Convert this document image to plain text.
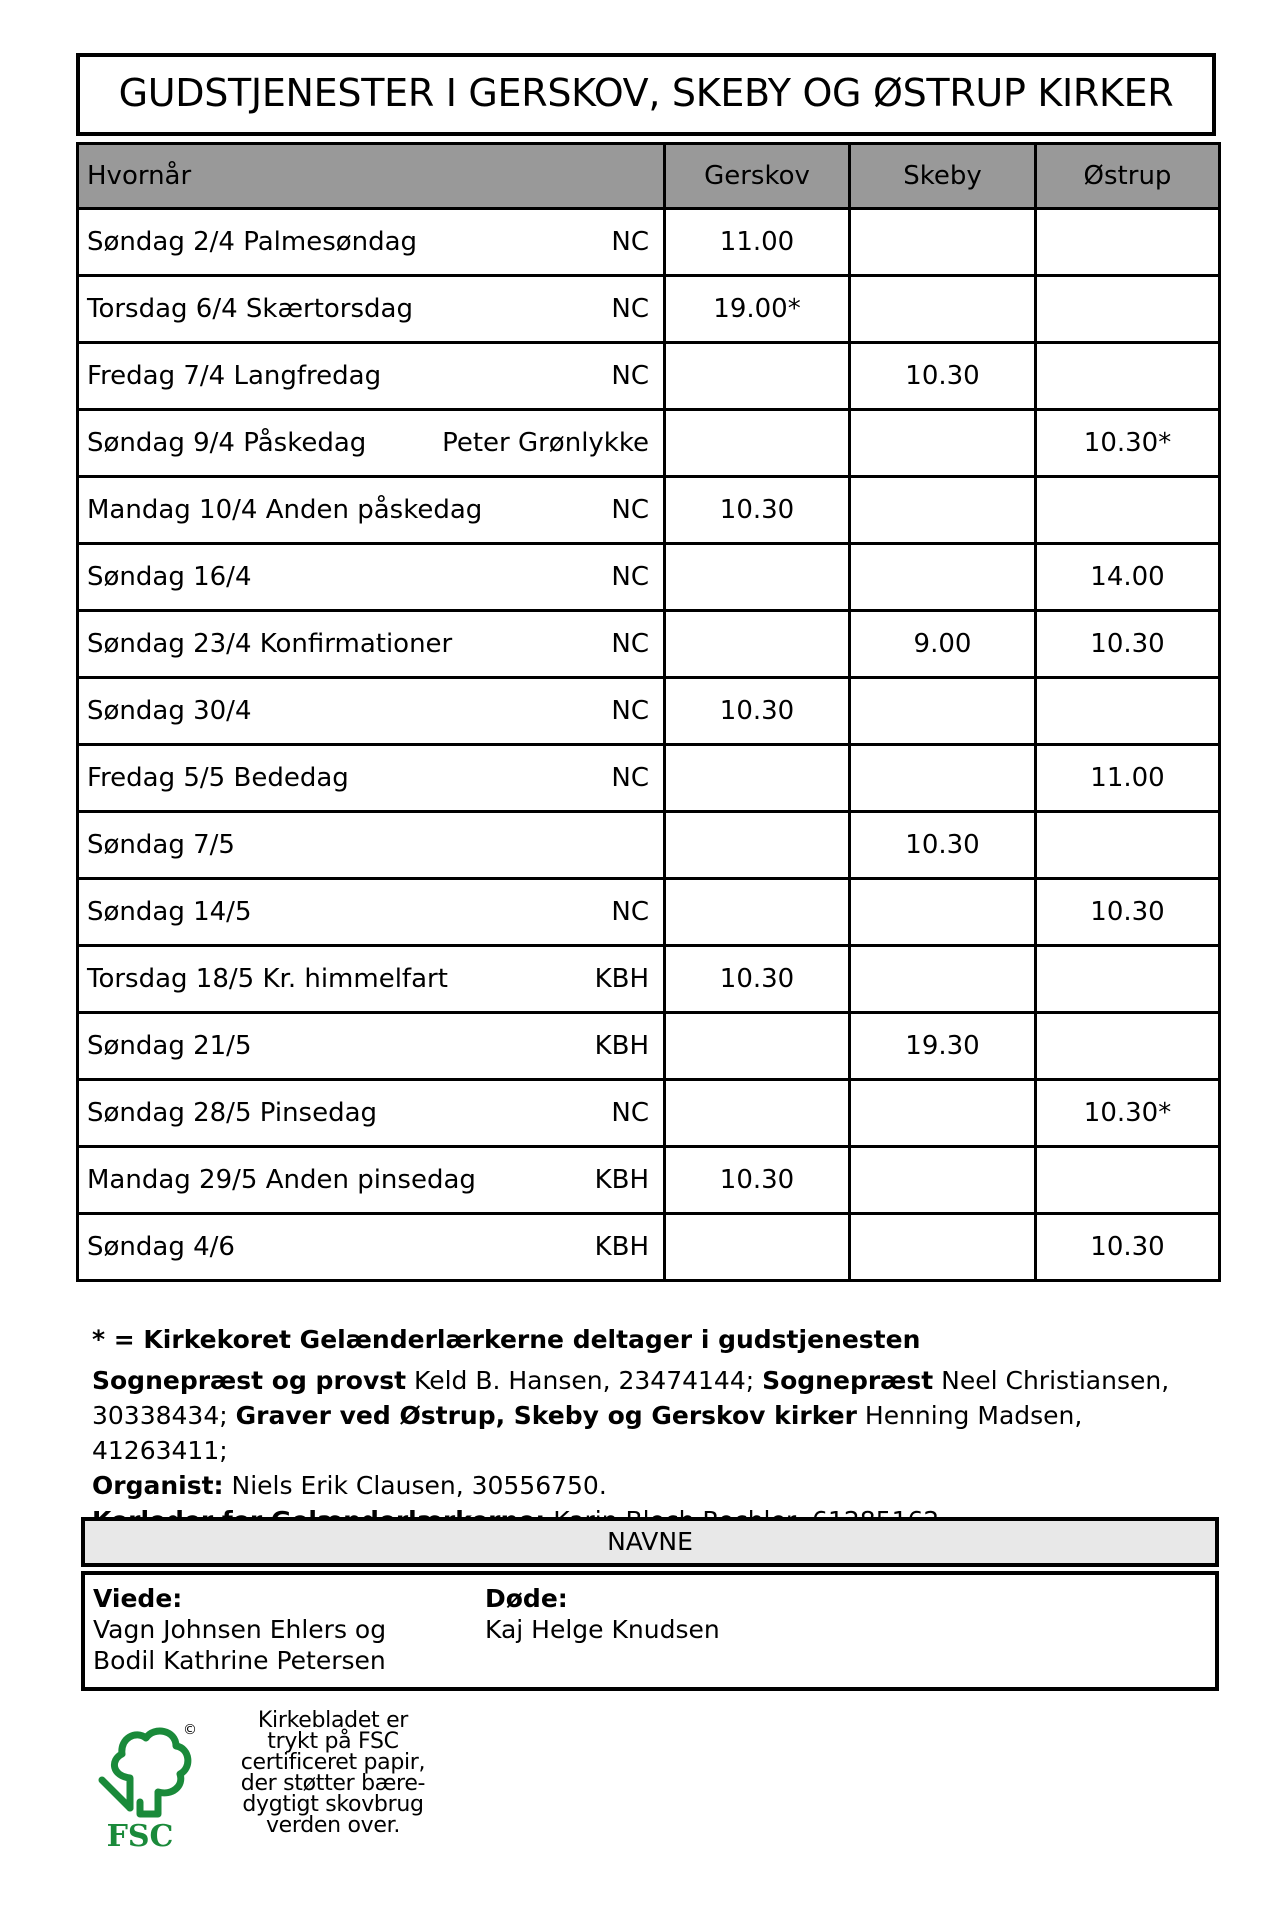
GUDSTJENESTER I GERSKOV, SKEBY OG ØSTRUP KIRKER
Hvornår	Gerskov	Skeby	Østrup

Søndag 2/4 Palmesøndag NC	11.00		

Torsdag 6/4 Skærtorsdag NC	19.00*		

Fredag 7/4 Langfredag NC		10.30	

Søndag 9/4 Påskedag Peter Grønlykke			10.30*

Mandag 10/4 Anden påskedag NC	10.30		

Søndag 16/4 NC			14.00

Søndag 23/4 Konfirmationer NC		9.00	10.30

Søndag 30/4 NC	10.30		

Fredag 5/5 Bededag NC			11.00

Søndag 7/5		10.30	

Søndag 14/5 NC			10.30

Torsdag 18/5 Kr. himmelfart KBH	10.30		

Søndag 21/5 KBH		19.30	

Søndag 28/5 Pinsedag NC			10.30*

Mandag 29/5 Anden pinsedag KBH	10.30		

Søndag 4/6 KBH			10.30

* = Kirkekoret Gelænderlærkerne deltager i gudstjenesten

Sognepræst og provst Keld B. Hansen, 23474144; Sognepræst Neel Christiansen, 30338434; Graver ved Østrup, Skeby og Gerskov kirker Henning Madsen, 41263411;
Organist: Niels Erik Clausen, 30556750.

NAVNE
Viede:
Vagn Johnsen Ehlers og
Bodil Kathrine Petersen
Døde:
Kaj Helge Knudsen
FSC
©	Kirkebladet er
trykt på FSC
certificeret papir,
der støtter bære-
dygtigt skovbrug
verden over.
